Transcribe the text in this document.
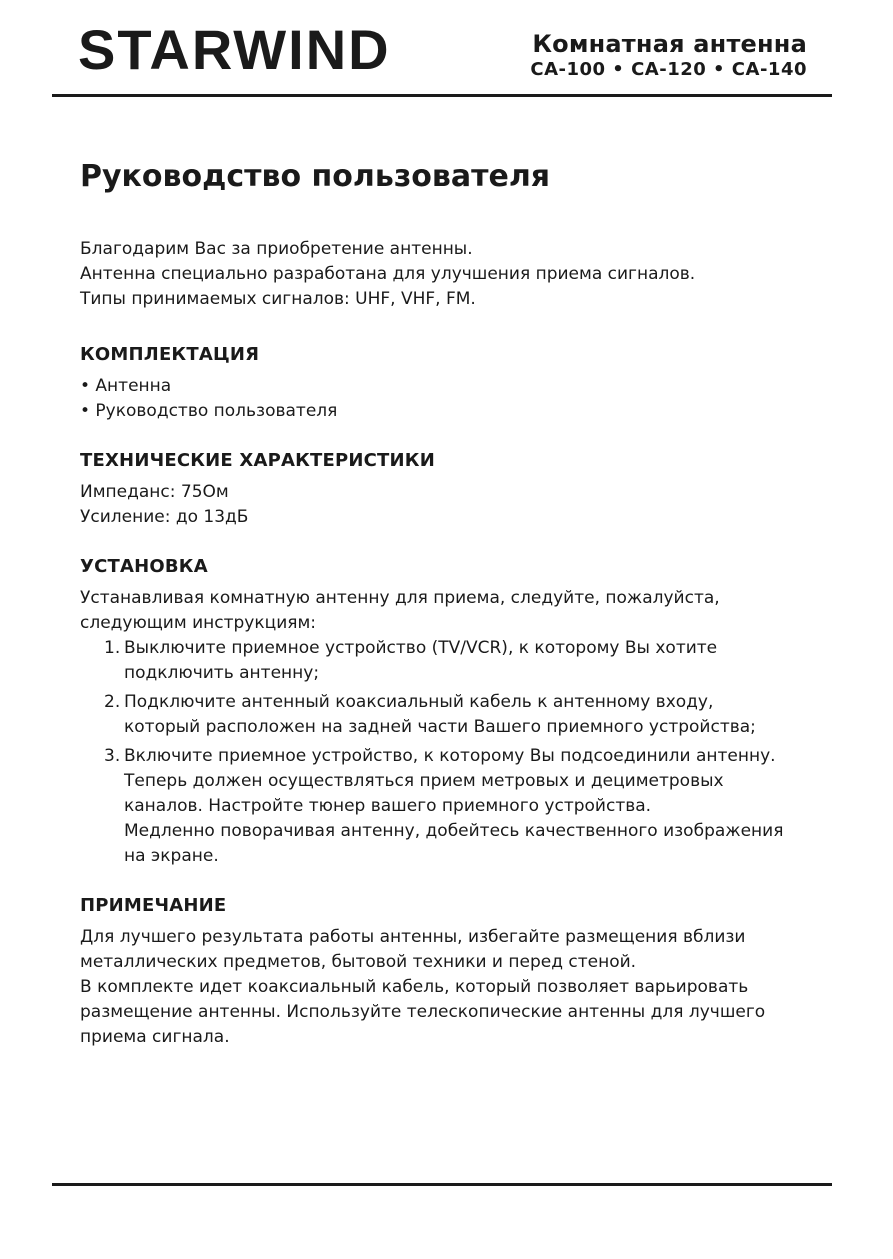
STARWIND	Комнатная антенна
CA-100 • CA-120 • CA-140
Руководство пользователя

Благодарим Вас за приобретение антенны.

Антенна специально разработана для улучшения приема сигналов.

Типы принимаемых сигналов: UHF, VHF, FM.

КОМПЛЕКТАЦИЯ
• Антенна
• Руководство пользователя
ТЕХНИЧЕСКИЕ ХАРАКТЕРИСТИКИ

Импеданс: 75Ом

Усиление: до 13дБ

УСТАНОВКА

Устанавливая комнатную антенну для приема, следуйте, пожалуйста,

следующим инструкциям:

1. Выключите приемное устройство (TV/VCR), к которому Вы хотите
подключить антенну;
2. Подключите антенный коаксиальный кабель к антенному входу,
который расположен на задней части Вашего приемного устройства;
3. Включите приемное устройство, к которому Вы подсоединили антенну.
Теперь должен осуществляться прием метровых и дециметровых
каналов. Настройте тюнер вашего приемного устройства.
Медленно поворачивая антенну, добейтесь качественного изображения
на экране.
ПРИМЕЧАНИЕ

Для лучшего результата работы антенны, избегайте размещения вблизи

металлических предметов, бытовой техники и перед стеной.

В комплекте идет коаксиальный кабель, который позволяет варьировать

размещение антенны. Используйте телескопические антенны для лучшего

приема сигнала.
